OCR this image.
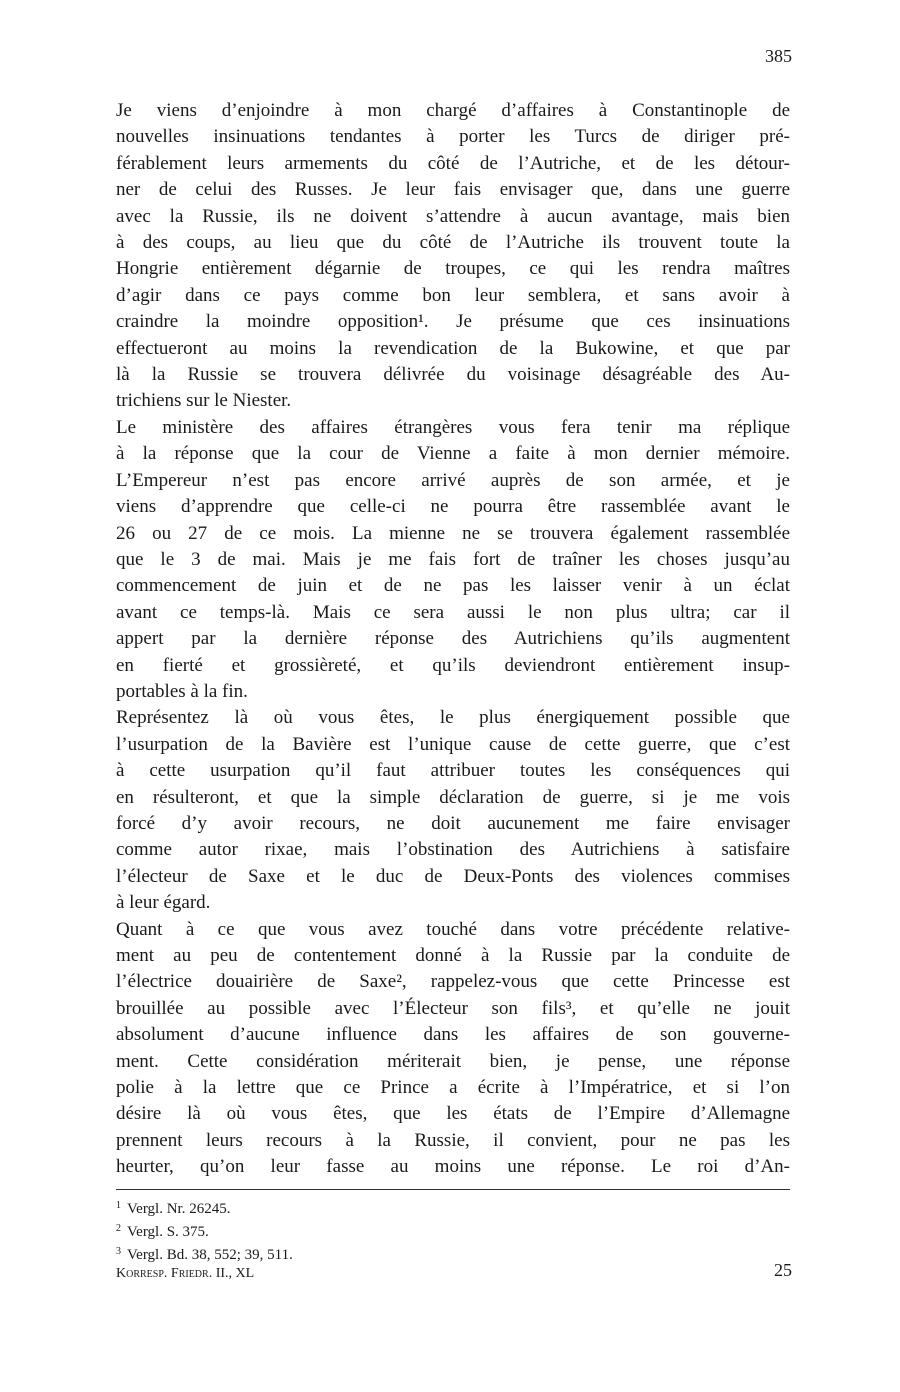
385

Je viens d’enjoindre à mon chargé d’affaires à Constantinople de
nouvelles insinuations tendantes à porter les Turcs de diriger pré-
férablement leurs armements du côté de l’Autriche, et de les détour-
ner de celui des Russes. Je leur fais envisager que, dans une guerre
avec la Russie, ils ne doivent s’attendre à aucun avantage, mais bien
à des coups, au lieu que du côté de l’Autriche ils trouvent toute la
Hongrie entièrement dégarnie de troupes, ce qui les rendra maîtres
d’agir dans ce pays comme bon leur semblera, et sans avoir à
craindre la moindre opposition¹. Je présume que ces insinuations
effectueront au moins la revendication de la Bukowine, et que par
là la Russie se trouvera délivrée du voisinage désagréable des Au-
trichiens sur le Niester.

Le ministère des affaires étrangères vous fera tenir ma réplique
à la réponse que la cour de Vienne a faite à mon dernier mémoire.
L’Empereur n’est pas encore arrivé auprès de son armée, et je
viens d’apprendre que celle-ci ne pourra être rassemblée avant le
26 ou 27 de ce mois. La mienne ne se trouvera également rassemblée
que le 3 de mai. Mais je me fais fort de traîner les choses jusqu’au
commencement de juin et de ne pas les laisser venir à un éclat
avant ce temps-là. Mais ce sera aussi le non plus ultra; car il
appert par la dernière réponse des Autrichiens qu’ils augmentent
en fierté et grossièreté, et qu’ils deviendront entièrement insup-
portables à la fin.

Représentez là où vous êtes, le plus énergiquement possible que
l’usurpation de la Bavière est l’unique cause de cette guerre, que c’est
à cette usurpation qu’il faut attribuer toutes les conséquences qui
en résulteront, et que la simple déclaration de guerre, si je me vois
forcé d’y avoir recours, ne doit aucunement me faire envisager
comme autor rixae, mais l’obstination des Autrichiens à satisfaire
l’électeur de Saxe et le duc de Deux-Ponts des violences commises
à leur égard.

Quant à ce que vous avez touché dans votre précédente relative-
ment au peu de contentement donné à la Russie par la conduite de
l’électrice douairière de Saxe², rappelez-vous que cette Princesse est
brouillée au possible avec l’Électeur son fils³, et qu’elle ne jouit
absolument d’aucune influence dans les affaires de son gouverne-
ment. Cette considération mériterait bien, je pense, une réponse
polie à la lettre que ce Prince a écrite à l’Impératrice, et si l’on
désire là où vous êtes, que les états de l’Empire d’Allemagne
prennent leurs recours à la Russie, il convient, pour ne pas les
heurter, qu’on leur fasse au moins une réponse. Le roi d’An-

$^1$ Vergl. Nr. 26245.
$^2$ Vergl. S. 375.
$^3$ Vergl. Bd. 38, 552; 39, 511.
Korresp. Friedr. II., XL	25
